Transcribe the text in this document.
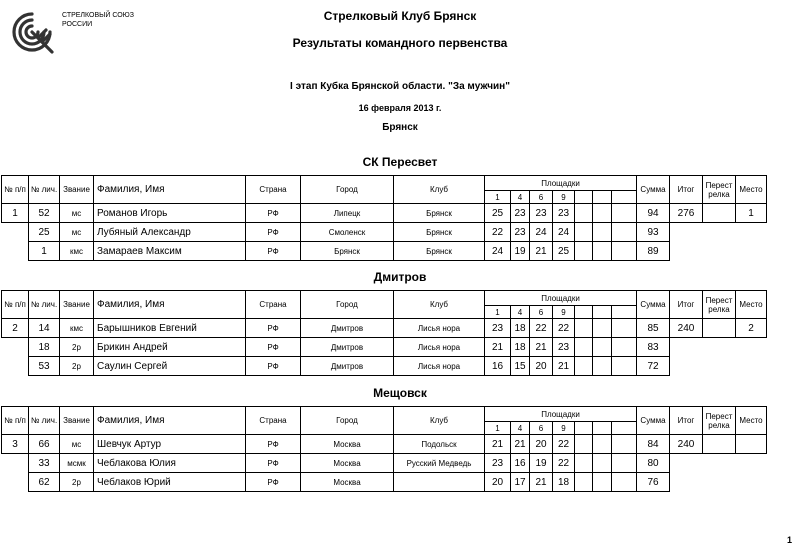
СТРЕЛКОВЫЙ СОЮЗ
РОССИИ
Стрелковый Клуб Брянск
Результаты командного первенства
I этап Кубка Брянской области. "За мужчин"
16 февраля 2013 г.
Брянск
СК Пересвет
№ п/п	№ лич.	Звание	Фамилия, Имя	Страна	Город	Клуб	Площадки							Сумма	Итог	Перест релка	Место
							1	4	6	9							
1	52	мс	Романов Игорь	РФ	Липецк	Брянск	25	23	23	23				94	276		1
	25	мс	Лубяный Александр	РФ	Смоленск	Брянск	22	23	24	24				93			
	1	кмс	Замараев Максим	РФ	Брянск	Брянск	24	19	21	25				89			
Дмитров
№ п/п	№ лич.	Звание	Фамилия, Имя	Страна	Город	Клуб	Площадки							Сумма	Итог	Перест релка	Место
							1	4	6	9							
2	14	кмс	Барышников Евгений	РФ	Дмитров	Лисья нора	23	18	22	22				85	240		2
	18	2р	Брикин Андрей	РФ	Дмитров	Лисья нора	21	18	21	23				83			
	53	2р	Саулин Сергей	РФ	Дмитров	Лисья нора	16	15	20	21				72			
Мещовск
№ п/п	№ лич.	Звание	Фамилия, Имя	Страна	Город	Клуб	Площадки							Сумма	Итог	Перест релка	Место
							1	4	6	9							
3	66	мс	Шевчук Артур	РФ	Москва	Подольск	21	21	20	22				84	240		
	33	мсмк	Чеблакова Юлия	РФ	Москва	Русский Медведь	23	16	19	22				80			
	62	2р	Чеблаков Юрий	РФ	Москва		20	17	21	18				76			
1
